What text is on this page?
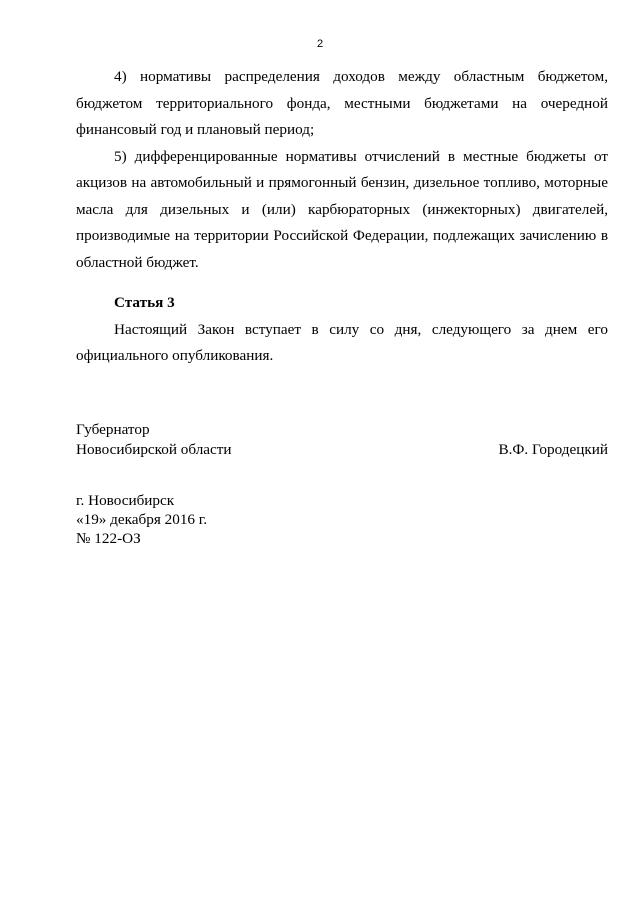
2

4) нормативы распределения доходов между областным бюджетом, бюджетом территориального фонда, местными бюджетами на очередной финансовый год и плановый период;

5) дифференцированные нормативы отчислений в местные бюджеты от акцизов на автомобильный и прямогонный бензин, дизельное топливо, моторные масла для дизельных и (или) карбюраторных (инжекторных) двигателей, производимые на территории Российской Федерации, подлежащих зачислению в областной бюджет.

Статья 3

Настоящий Закон вступает в силу со дня, следующего за днем его официального опубликования.

Губернатор
Новосибирской области	В.Ф. Городецкий
г. Новосибирск
«19» декабря 2016 г.
№ 122-ОЗ
